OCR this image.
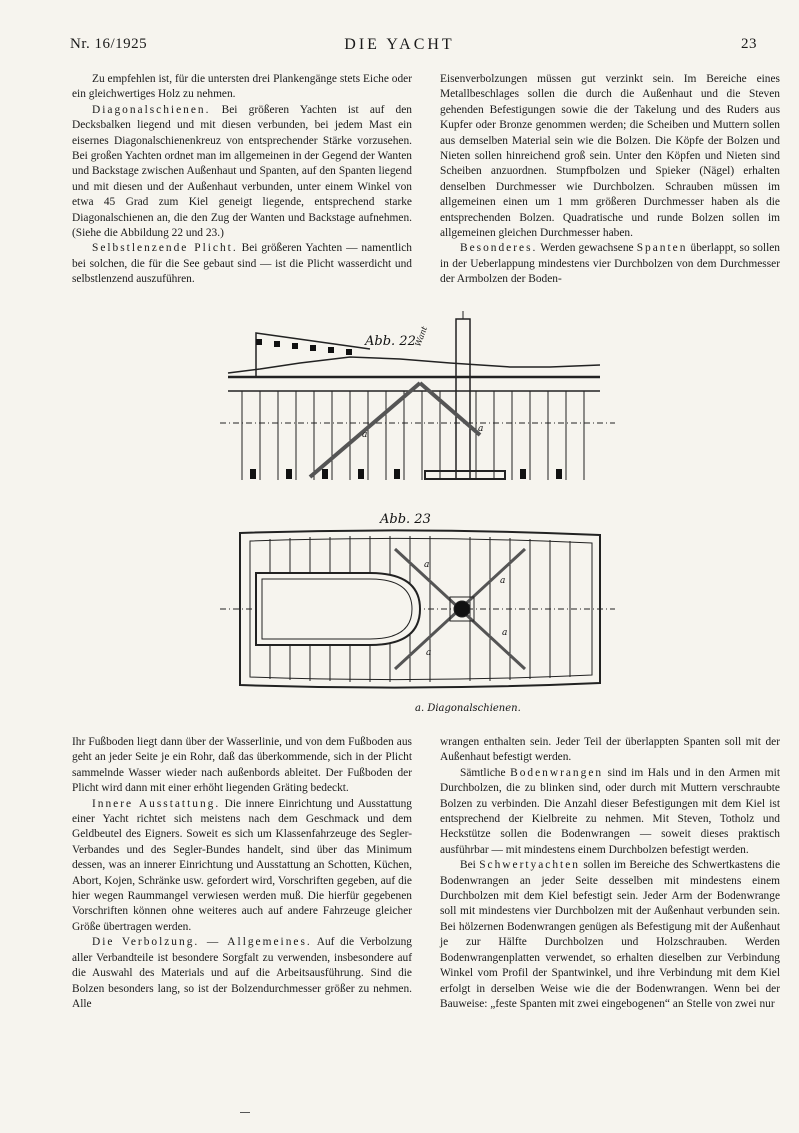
Nr. 16/1925	DIE YACHT	23

Zu empfehlen ist, für die untersten drei Plankengänge stets Eiche oder ein gleichwertiges Holz zu nehmen.

Diagonalschienen. Bei größeren Yachten ist auf den Decksbalken liegend und mit diesen verbunden, bei jedem Mast ein eisernes Diagonalschienenkreuz von entsprechender Stärke vorzusehen. Bei großen Yachten ordnet man im allgemeinen in der Gegend der Wanten und Backstage zwischen Außenhaut und Spanten, auf den Spanten liegend und mit diesen und der Außenhaut verbunden, unter einem Winkel von etwa 45 Grad zum Kiel geneigt liegende, entsprechend starke Diagonalschienen an, die den Zug der Wanten und Backstage aufnehmen. (Siehe die Abbildung 22 und 23.)

Selbstlenzende Plicht. Bei größeren Yachten — namentlich bei solchen, die für die See gebaut sind — ist die Plicht wasserdicht und selbstlenzend auszuführen.

Eisenverbolzungen müssen gut verzinkt sein. Im Bereiche eines Metallbeschlages sollen die durch die Außenhaut und die Steven gehenden Befestigungen sowie die der Takelung und des Ruders aus Kupfer oder Bronze genommen werden; die Scheiben und Muttern sollen aus demselben Material sein wie die Bolzen. Die Köpfe der Bolzen und Nieten sollen hinreichend groß sein. Unter den Köpfen und Nieten sind Scheiben anzuordnen. Stumpfbolzen und Spieker (Nägel) erhalten denselben Durchmesser wie Durchbolzen. Schrauben müssen im allgemeinen einen um 1 mm größeren Durchmesser haben als die entsprechenden Bolzen. Quadratische und runde Bolzen sollen im allgemeinen gleichen Durchmesser haben.

Besonderes. Werden gewachsene Spanten überlappt, so sollen in der Ueberlappung mindestens vier Durchbolzen von dem Durchmesser der Armbolzen der Boden-

Abb. 22
Want
a
a
Abb. 23
a
a
a
a
a. Diagonalschienen.

Ihr Fußboden liegt dann über der Wasserlinie, und von dem Fußboden aus geht an jeder Seite je ein Rohr, daß das überkommende, sich in der Plicht sammelnde Wasser wieder nach außenbords ableitet. Der Fußboden der Plicht wird dann mit einer erhöht liegenden Gräting bedeckt.

Innere Ausstattung. Die innere Einrichtung und Ausstattung einer Yacht richtet sich meistens nach dem Geschmack und dem Geldbeutel des Eigners. Soweit es sich um Klassenfahrzeuge des Segler-Verbandes und des Segler-Bundes handelt, sind über das Minimum dessen, was an innerer Einrichtung und Ausstattung an Schotten, Küchen, Abort, Kojen, Schränke usw. gefordert wird, Vorschriften gegeben, auf die hier wegen Raummangel verwiesen werden muß. Die hierfür gegebenen Vorschriften können ohne weiteres auch auf andere Fahrzeuge gleicher Größe übertragen werden.

Die Verbolzung. — Allgemeines. Auf die Verbolzung aller Verbandteile ist besondere Sorgfalt zu verwenden, insbesondere auf die Auswahl des Materials und auf die Arbeitsausführung. Sind die Bolzen besonders lang, so ist der Bolzendurchmesser größer zu nehmen. Alle

wrangen enthalten sein. Jeder Teil der überlappten Spanten soll mit der Außenhaut befestigt werden.

Sämtliche Bodenwrangen sind im Hals und in den Armen mit Durchbolzen, die zu blinken sind, oder durch mit Muttern verschraubte Bolzen zu verbinden. Die Anzahl dieser Befestigungen mit dem Kiel ist entsprechend der Kielbreite zu nehmen. Mit Steven, Totholz und Heckstütze sollen die Bodenwrangen — soweit dieses praktisch ausführbar — mit mindestens einem Durchbolzen befestigt werden.

Bei Schwertyachten sollen im Bereiche des Schwertkastens die Bodenwrangen an jeder Seite desselben mit mindestens einem Durchbolzen mit dem Kiel befestigt sein. Jeder Arm der Bodenwrange soll mit mindestens vier Durchbolzen mit der Außenhaut verbunden sein. Bei hölzernen Bodenwrangen genügen als Befestigung mit der Außenhaut je zur Hälfte Durchbolzen und Holzschrauben. Werden Bodenwrangenplatten verwendet, so erhalten dieselben zur Verbindung Winkel vom Profil der Spantwinkel, und ihre Verbindung mit dem Kiel erfolgt in derselben Weise wie die der Bodenwrangen. Wenn bei der Bauweise: „feste Spanten mit zwei eingebogenen“ an Stelle von zwei nur
